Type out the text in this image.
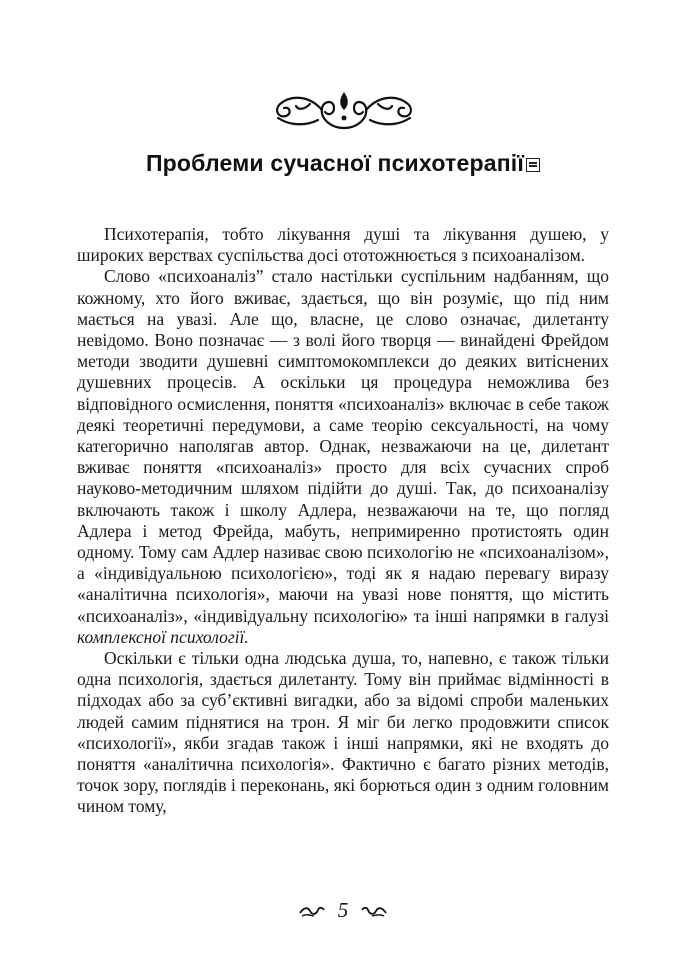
Проблеми сучасної психотерапії

Психотерапія, тобто лікування душі та лікування душею, у широких верствах суспільства досі ототожнюється з психоаналізом.

Слово «психоаналіз” стало настільки суспільним надбанням, що кожному, хто його вживає, здається, що він розуміє, що під ним мається на увазі. Але що, власне, це слово означає, дилетанту невідомо. Воно позначає — з волі його творця — винайдені Фрейдом методи зводити душевні симптомокомплекси до деяких витіснених душевних процесів. А оскільки ця процедура неможлива без відповідного осмислення, поняття «психоаналіз» включає в себе також деякі теоретичні передумови, а саме теорію сексуальності, на чому категорично наполягав автор. Однак, незважаючи на це, дилетант вживає поняття «психоаналіз» просто для всіх сучасних спроб науково-методичним шляхом підійти до душі. Так, до психоаналізу включають також і школу Адлера, незважаючи на те, що погляд Адлера і метод Фрейда, мабуть, непримиренно протистоять один одному. Тому сам Адлер називає свою психологію не «психоаналізом», а «індивідуальною психологією», тоді як я надаю перевагу виразу «аналітична психологія», маючи на увазі нове поняття, що містить «психоаналіз», «індивідуальну психологію» та інші напрямки в галузі комплексної психології.

Оскільки є тільки одна людська душа, то, напевно, є також тільки одна психологія, здається дилетанту. Тому він приймає відмінності в підходах або за суб’єктивні вигадки, або за відомі спроби маленьких людей самим піднятися на трон. Я міг би легко продовжити список «психології», якби згадав також і інші напрямки, які не входять до поняття «аналітична психологія». Фактично є багато різних методів, точок зору, поглядів і переконань, які борються один з одним головним чином тому,

5
